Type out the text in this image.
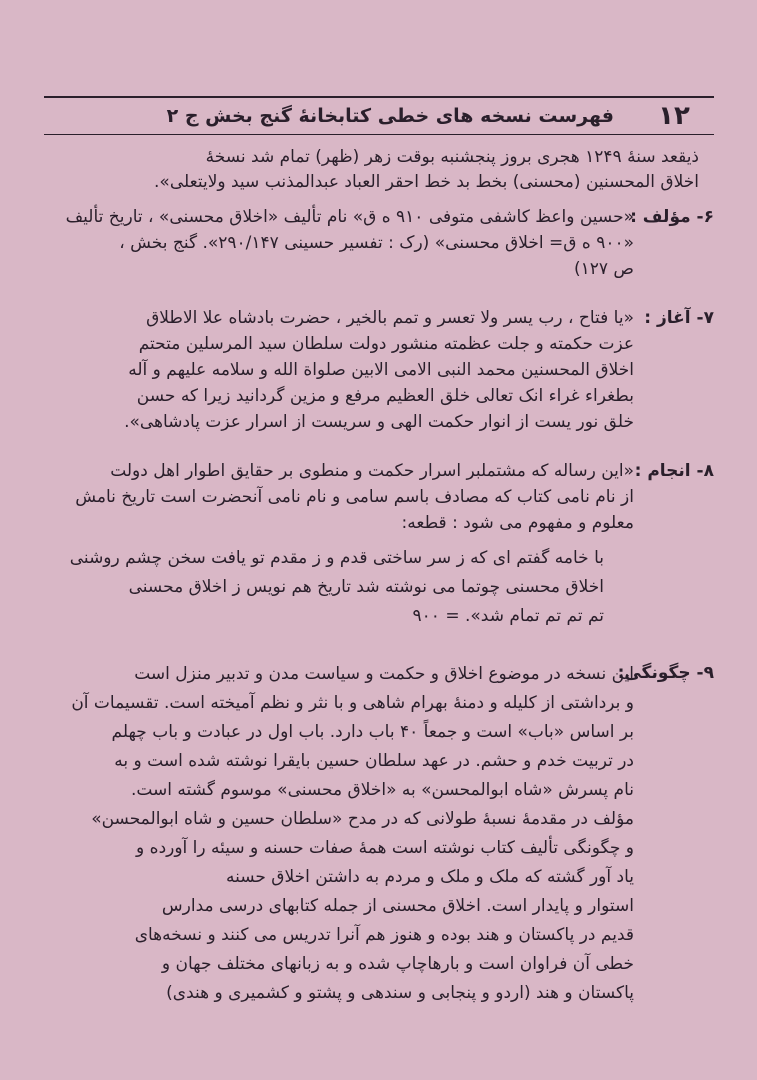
۱۲
فهرست نسخه های خطی کتابخانهٔ گنج بخش ج ۲
ذیقعد سنهٔ ۱۲۴۹ هجری بروز پنجشنبه بوقت زهر (ظهر) تمام شد نسخهٔ
اخلاق المحسنین (محسنی) بخط بد خط احقر العباد عبدالمذنب سید ولایتعلی».
۶- مؤلف :
«حسین واعظ کاشفی متوفی ۹۱۰ ه ق» نام تألیف «اخلاق محسنی» ، تاریخ تألیف
«۹۰۰ ه ق= اخلاق محسنی» (رک : تفسیر حسینی ۲۹۰/۱۴۷». گنج بخش ،
ص ۱۲۷)
۷- آغاز :
«یا فتاح ، رب یسر ولا تعسر و تمم بالخیر ، حضرت بادشاه علا الاطلاق
عزت حکمته و جلت عظمته منشور دولت سلطان سید المرسلین متحتم
اخلاق المحسنین محمد النبی الامی الابین صلواة الله و سلامه علیهم و آله
بطغراء غراء انک تعالی خلق العظیم مرفع و مزین گردانید زیرا که حسن
خلق نور یست از انوار حکمت الهی و سریست از اسرار عزت پادشاهی».
۸- انجام :
«این رساله که مشتملبر اسرار حکمت و منطوی بر حقایق اطوار اهل دولت
از نام نامی کتاب که مصادف باسم سامی و نام نامی آنحضرت است تاریخ نامش
معلوم و مفهوم می شود : قطعه:
با خامه گفتم ای که ز سر ساختی قدم و ز مقدم تو یافت سخن چشم روشنی
اخلاق محسنی چوتما می نوشته شد تاریخ هم نویس ز اخلاق محسنی
تم تم تم تمام شد». = ۹۰۰
۹- چگونگی:
این نسخه در موضوع اخلاق و حکمت و سیاست مدن و تدبیر منزل است
و برداشتی از کلیله و دمنهٔ بهرام شاهی و با نثر و نظم آمیخته است. تقسیمات آن
بر اساس «باب» است و جمعاً ۴۰ باب دارد. باب اول در عبادت و باب چهلم
در تربیت خدم و حشم. در عهد سلطان حسین بایقرا نوشته شده است و به
نام پسرش «شاه ابوالمحسن» به «اخلاق محسنی» موسوم گشته است.
مؤلف در مقدمهٔ نسبهٔ طولانی که در مدح «سلطان حسین و شاه ابوالمحسن»
و چگونگی تألیف کتاب نوشته است همهٔ صفات حسنه و سیئه را آورده و
یاد آور گشته که ملک و ملک و مردم به داشتن اخلاق حسنه
استوار و پایدار است. اخلاق محسنی از جمله کتابهای درسی مدارس
قدیم در پاکستان و هند بوده و هنوز هم آنرا تدریس می کنند و نسخه‌های
خطی آن فراوان است و بارهاچاپ شده و به زبانهای مختلف جهان و
پاکستان و هند (اردو و پنجابی و سندهی و پشتو و کشمیری و هندی)
